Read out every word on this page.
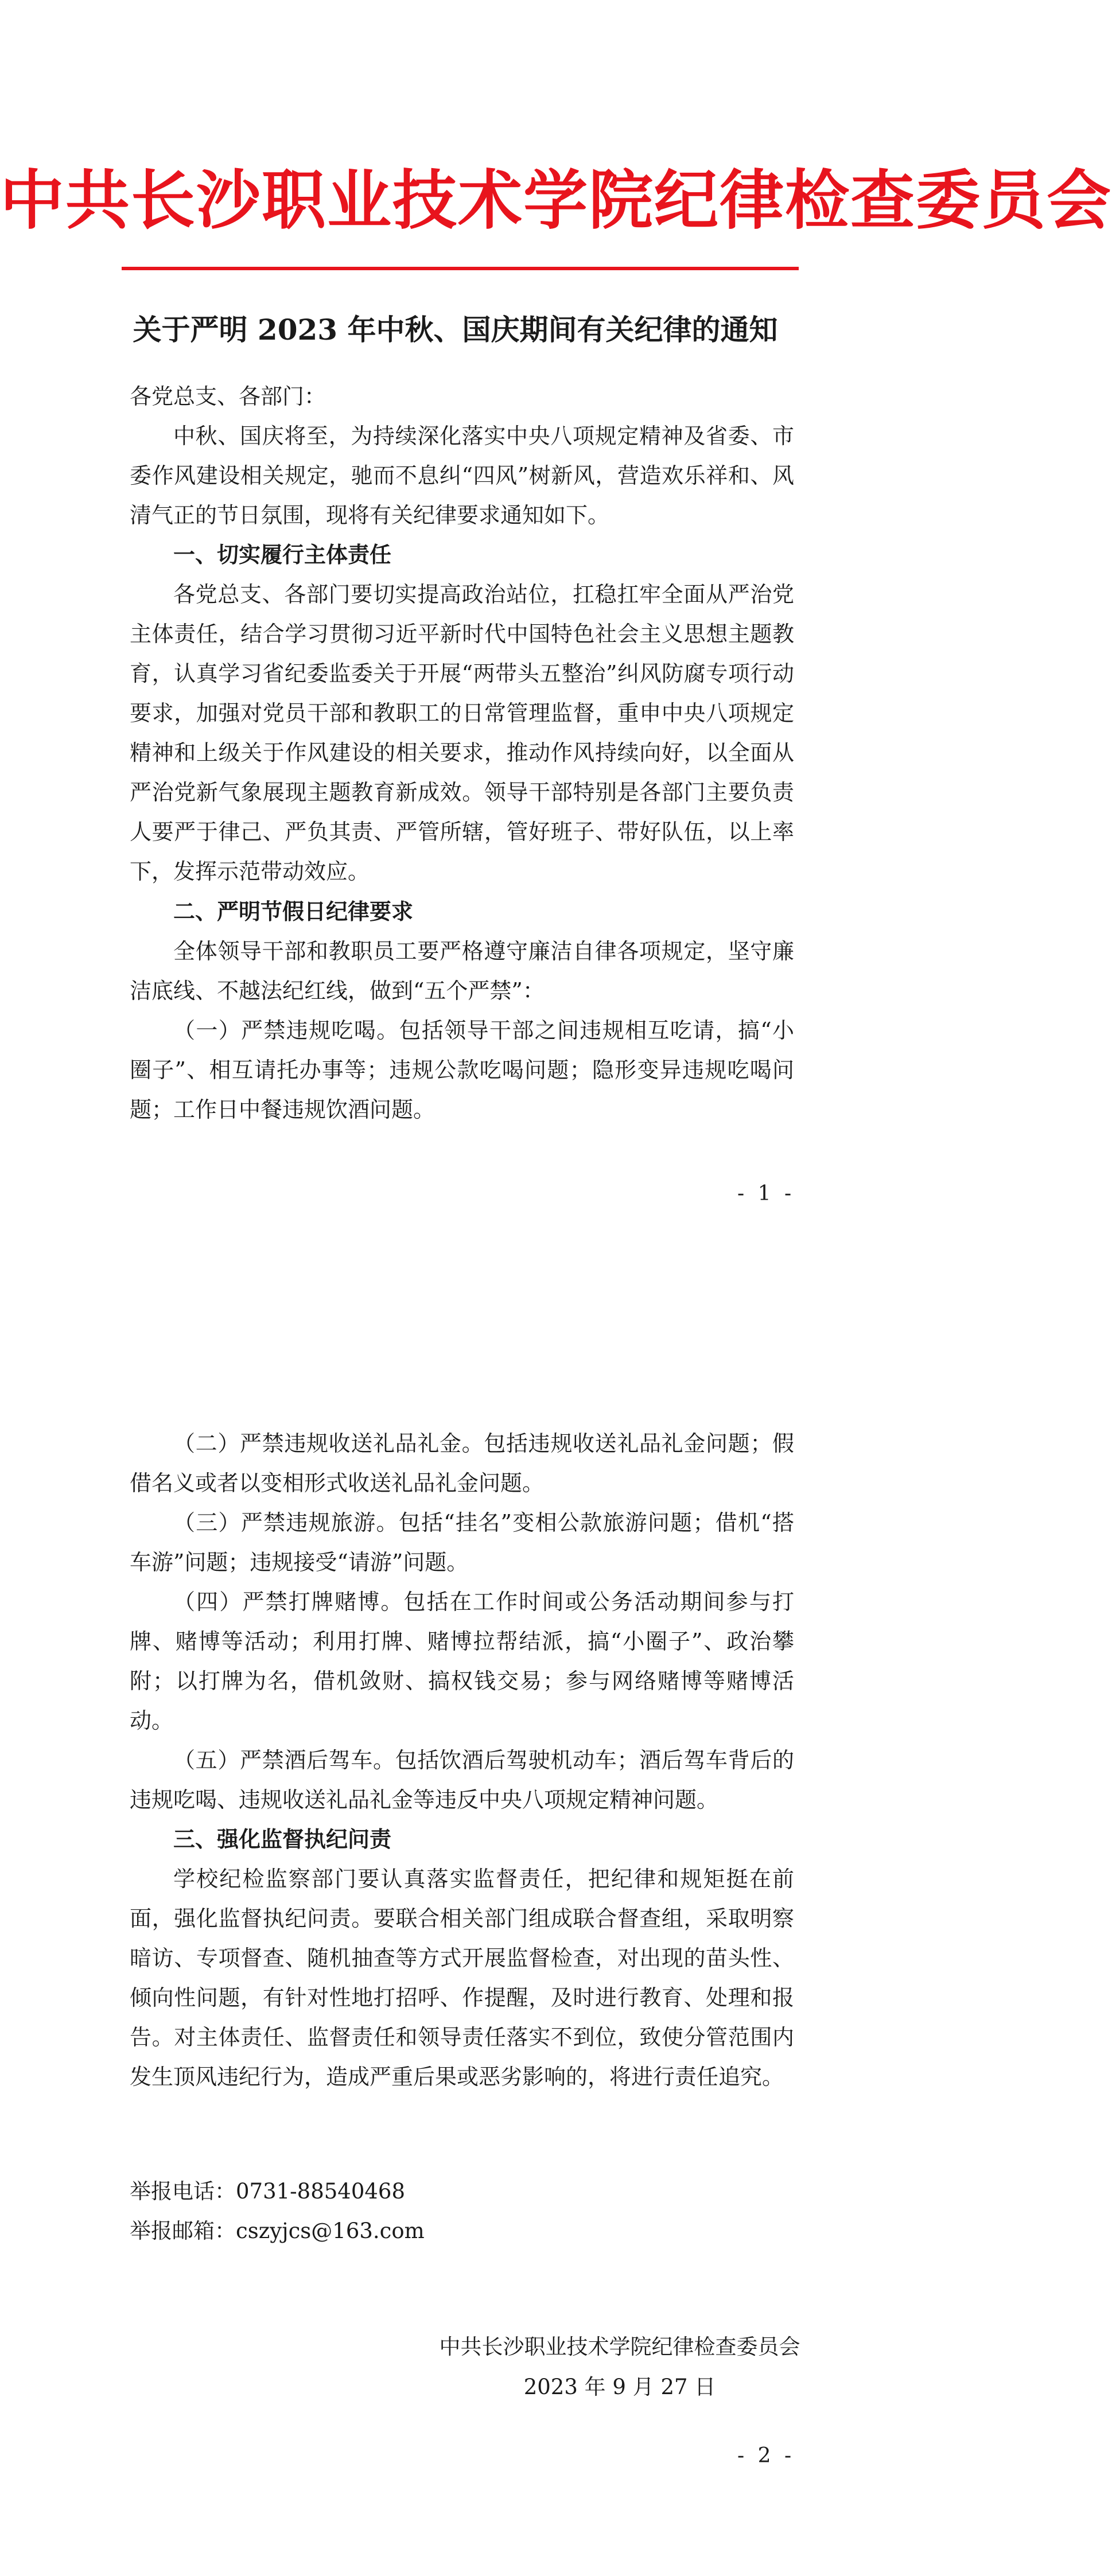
中共长沙职业技术学院纪律检查委员会
关于严明 2023 年中秋、国庆期间有关纪律的通知

各党总支、各部门：

中秋、国庆将至，为持续深化落实中央八项规定精神及省委、市委作风建设相关规定，驰而不息纠“四风”树新风，营造欢乐祥和、风清气正的节日氛围，现将有关纪律要求通知如下。

一、切实履行主体责任

各党总支、各部门要切实提高政治站位，扛稳扛牢全面从严治党主体责任，结合学习贯彻习近平新时代中国特色社会主义思想主题教育，认真学习省纪委监委关于开展“两带头五整治”纠风防腐专项行动要求，加强对党员干部和教职工的日常管理监督，重申中央八项规定精神和上级关于作风建设的相关要求，推动作风持续向好，以全面从严治党新气象展现主题教育新成效。领导干部特别是各部门主要负责人要严于律己、严负其责、严管所辖，管好班子、带好队伍，以上率下，发挥示范带动效应。

二、严明节假日纪律要求

全体领导干部和教职员工要严格遵守廉洁自律各项规定，坚守廉洁底线、不越法纪红线，做到“五个严禁”：

（一）严禁违规吃喝。包括领导干部之间违规相互吃请，搞“小圈子”、相互请托办事等；违规公款吃喝问题；隐形变异违规吃喝问题；工作日中餐违规饮酒问题。

- 1 -

（二）严禁违规收送礼品礼金。包括违规收送礼品礼金问题；假借名义或者以变相形式收送礼品礼金问题。

（三）严禁违规旅游。包括“挂名”变相公款旅游问题；借机“搭车游”问题；违规接受“请游”问题。

（四）严禁打牌赌博。包括在工作时间或公务活动期间参与打牌、赌博等活动；利用打牌、赌博拉帮结派，搞“小圈子”、政治攀附；以打牌为名，借机敛财、搞权钱交易；参与网络赌博等赌博活动。

（五）严禁酒后驾车。包括饮酒后驾驶机动车；酒后驾车背后的违规吃喝、违规收送礼品礼金等违反中央八项规定精神问题。

三、强化监督执纪问责

学校纪检监察部门要认真落实监督责任，把纪律和规矩挺在前面，强化监督执纪问责。要联合相关部门组成联合督查组，采取明察暗访、专项督查、随机抽查等方式开展监督检查，对出现的苗头性、倾向性问题，有针对性地打招呼、作提醒，及时进行教育、处理和报告。对主体责任、监督责任和领导责任落实不到位，致使分管范围内发生顶风违纪行为，造成严重后果或恶劣影响的，将进行责任追究。

举报电话：0731-88540468
举报邮箱：cszyjcs@163.com
中共长沙职业技术学院纪律检查委员会
2023 年 9 月 27 日
- 2 -
